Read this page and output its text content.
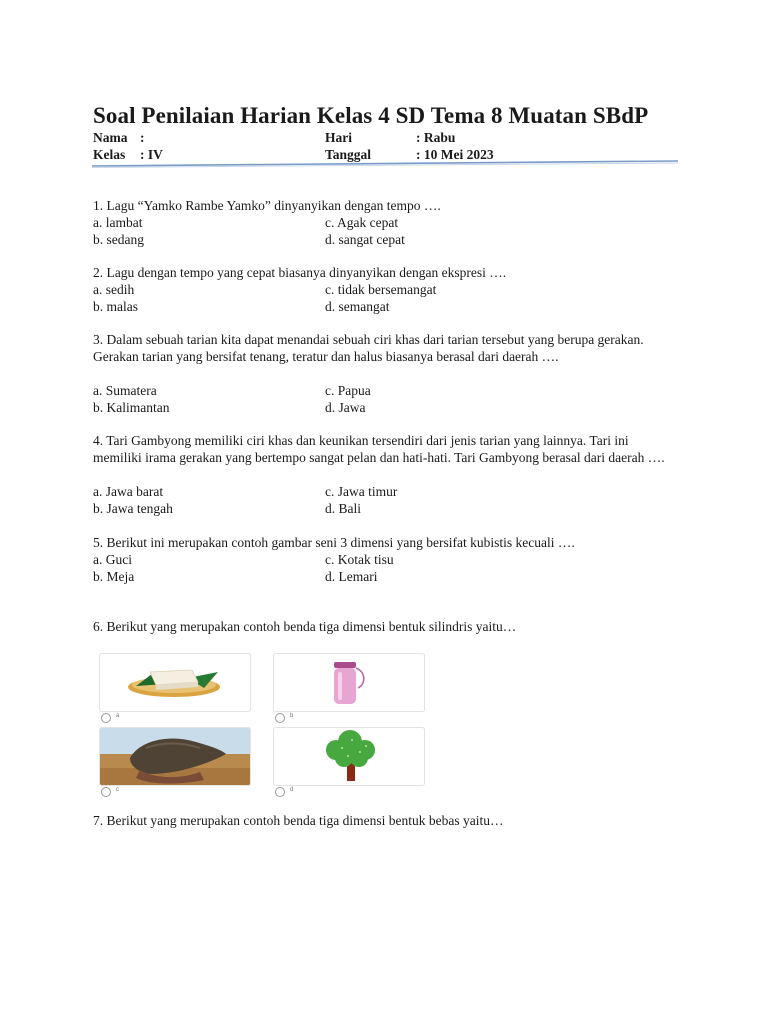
Soal Penilaian Harian Kelas 4 SD Tema 8 Muatan SBdP
Nama :
Kelas : IV
Hari	: Rabu
Tanggal	: 10 Mei 2023
1. Lagu “Yamko Rambe Yamko” dinyanyikan dengan tempo ….
a. lambat
b. sedang
c. Agak cepat
d. sangat cepat
2. Lagu dengan tempo yang cepat biasanya dinyanyikan dengan ekspresi ….
a. sedih
b. malas
c. tidak bersemangat
d. semangat
3. Dalam sebuah tarian kita dapat menandai sebuah ciri khas dari tarian tersebut yang berupa gerakan. Gerakan tarian yang bersifat tenang, teratur dan halus biasanya berasal dari daerah ….
a. Sumatera
b. Kalimantan
c. Papua
d. Jawa
4. Tari Gambyong memiliki ciri khas dan keunikan tersendiri dari jenis tarian yang lainnya. Tari ini memiliki irama gerakan yang bertempo sangat pelan dan hati-hati. Tari Gambyong berasal dari daerah ….
a. Jawa barat
b. Jawa tengah
c. Jawa timur
d. Bali
5. Berikut ini merupakan contoh gambar seni 3 dimensi yang bersifat kubistis kecuali ….
a. Guci
b. Meja
c. Kotak tisu
d. Lemari
6. Berikut yang merupakan contoh benda tiga dimensi bentuk silindris yaitu…
a	b
c	d
7. Berikut yang merupakan contoh benda tiga dimensi bentuk bebas yaitu…
